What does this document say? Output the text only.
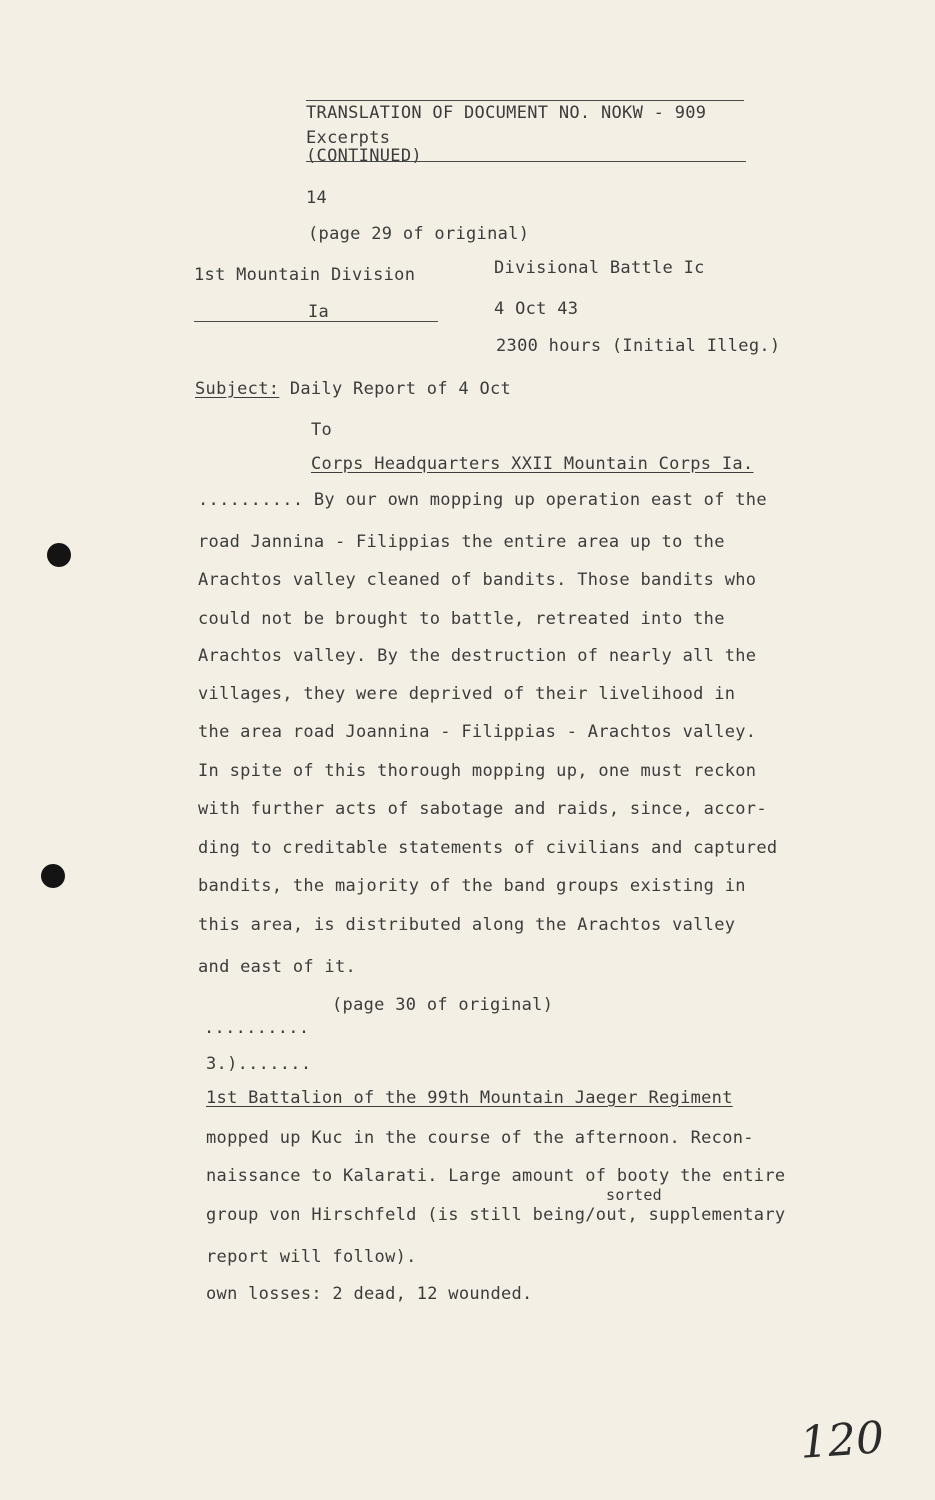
TRANSLATION OF DOCUMENT NO. NOKW - 909
Excerpts
(CONTINUED)
14
(page 29 of original)
1st Mountain Division
Ia
Divisional Battle Ic
4 Oct 43
2300 hours (Initial Illeg.)
Subject: Daily Report of 4 Oct
To
Corps Headquarters XXII Mountain Corps Ia.
.......... By our own mopping up operation east of the
road Jannina - Filippias the entire area up to the
Arachtos valley cleaned of bandits. Those bandits who
could not be brought to battle, retreated into the
Arachtos valley. By the destruction of nearly all the
villages, they were deprived of their livelihood in
the area road Joannina - Filippias - Arachtos valley.
In spite of this thorough mopping up, one must reckon
with further acts of sabotage and raids, since, accor-
ding to creditable statements of civilians and captured
bandits, the majority of the band groups existing in
this area, is distributed along the Arachtos valley
and east of it.
(page 30 of original)
..........
3.).......
1st Battalion of the 99th Mountain Jaeger Regiment
mopped up Kuc in the course of the afternoon. Recon-
naissance to Kalarati. Large amount of booty the entire
sorted
group von Hirschfeld (is still being/out, supplementary
report will follow).
own losses: 2 dead, 12 wounded.
120
